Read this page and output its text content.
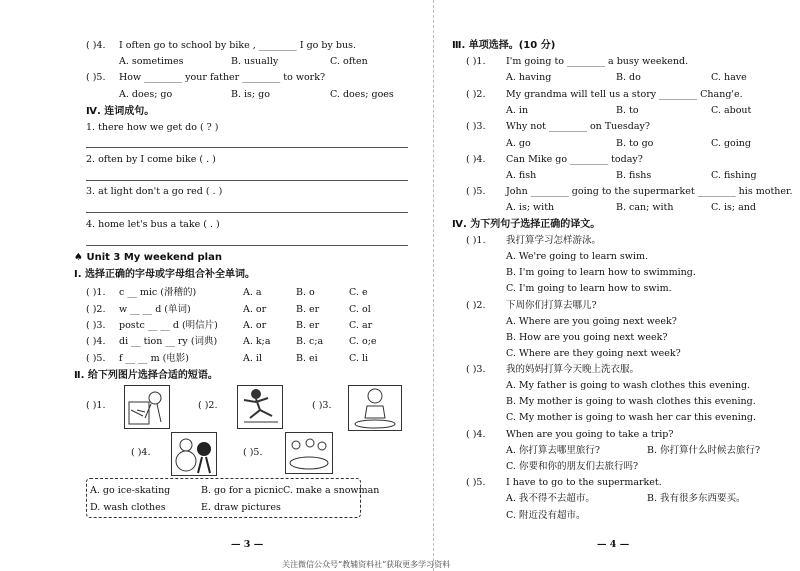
( )4. I often go to school by bike , ________ I go by bus.
A. sometimes	B. usually	C. often
( )5. How ________ your father ________ to work?
A. does; go	B. is; go	C. does; goes
Ⅳ. 连词成句。
1. there how we get do ( ? )
2. often by I come bike ( . )
3. at light don't a go red ( . )
4. home let's bus a take ( . )
♠ Unit 3 My weekend plan
Ⅰ. 选择正确的字母或字母组合补全单词。
( )1. c __ mic (滑稽的)	A. a	B. o	C. e
( )2. w __ __ d (单词)	A. or	B. er	C. ol
( )3. postc __ __ d (明信片)	A. or	B. er	C. ar
( )4. di __ tion __ ry (词典)	A. k;a	B. c;a	C. o;e
( )5. f __ __ m (电影)	A. il	B. ei	C. li
Ⅱ. 给下列图片选择合适的短语。
( )1.	( )2.	( )3.
( )4.	( )5.
A. go ice-skating	B. go for a picnic C. make a snowman
D. wash clothes	E. draw pictures
— 3 —
Ⅲ. 单项选择。(10 分)
( )1. I'm going to ________ a busy weekend.
A. having	B. do	C. have
( )2. My grandma will tell us a story ________ Chang'e.
A. in	B. to	C. about
( )3. Why not ________ on Tuesday?
A. go	B. to go	C. going
( )4. Can Mike go ________ today?
A. fish	B. fishs	C. fishing
( )5. John ________ going to the supermarket ________ his mother.
A. is; with	B. can; with	C. is; and
Ⅳ. 为下列句子选择正确的译文。
( )1. 我打算学习怎样游泳。
A. We're going to learn swim.
B. I'm going to learn how to swimming.
C. I'm going to learn how to swim.
( )2. 下周你们打算去哪儿?
A. Where are you going next week?
B. How are you going next week?
C. Where are they going next week?
( )3. 我的妈妈打算今天晚上洗衣服。
A. My father is going to wash clothes this evening.
B. My mother is going to wash clothes this evening.
C. My mother is going to wash her car this evening.
( )4. When are you going to take a trip?
A. 你打算去哪里旅行?	B. 你打算什么时候去旅行?
C. 你要和你的朋友们去旅行吗?
( )5. I have to go to the supermarket.
A. 我不得不去超市。	B. 我有很多东西要买。
C. 附近没有超市。
— 4 —
关注微信公众号“教辅资料社”获取更多学习资料
